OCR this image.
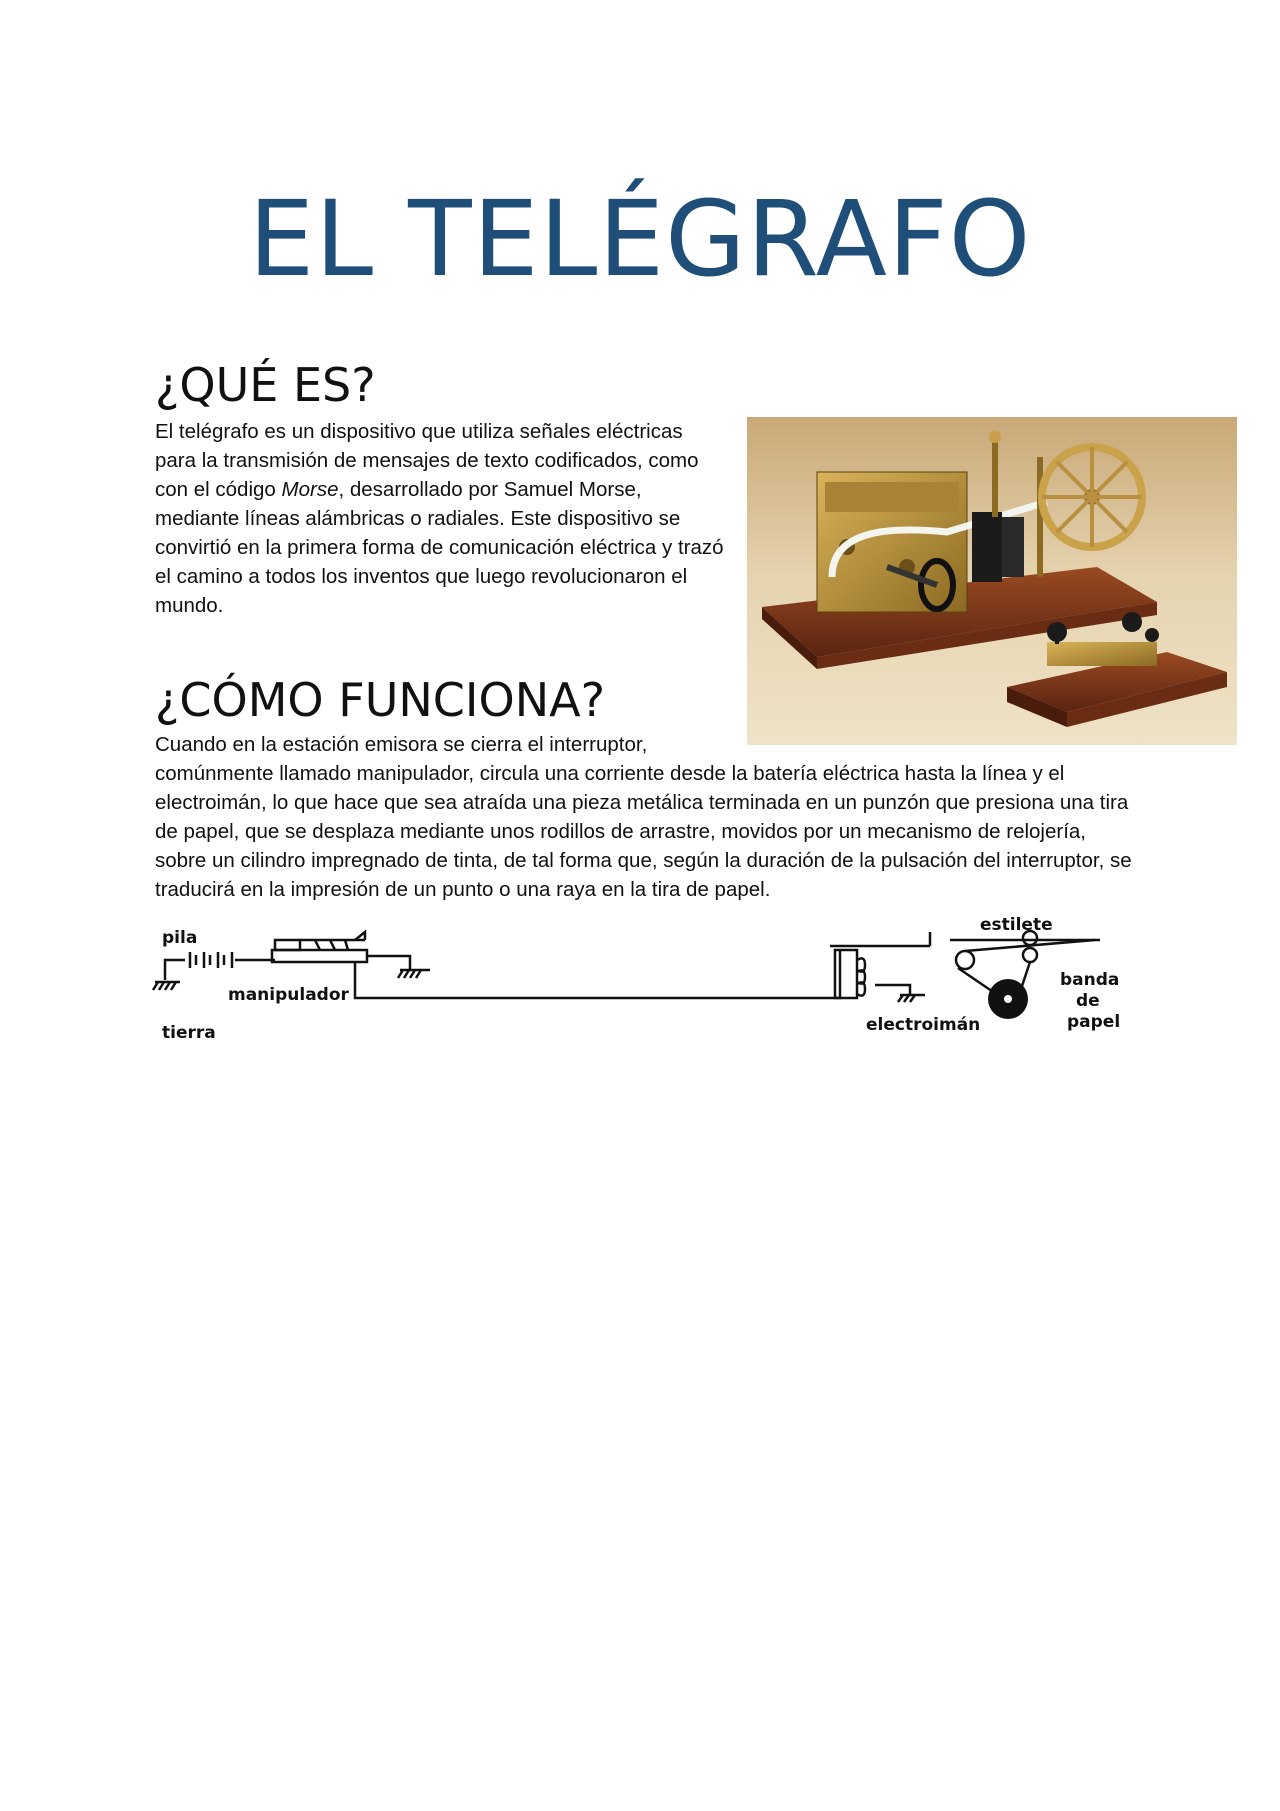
EL TELÉGRAFO
¿QUÉ ES?

El telégrafo es un dispositivo que utiliza señales eléctricas para la transmisión de mensajes de texto codificados, como con el código Morse, desarrollado por Samuel Morse, mediante líneas alámbricas o radiales. Este dispositivo se convirtió en la primera forma de comunicación eléctrica y trazó el camino a todos los inventos que luego revolucionaron el mundo.

¿CÓMO FUNCIONA?

Cuando en la estación emisora se cierra el interruptor,
comúnmente llamado manipulador, circula una corriente desde la batería eléctrica hasta la línea y el electroimán, lo que hace que sea atraída una pieza metálica terminada en un punzón que presiona una tira de papel, que se desplaza mediante unos rodillos de arrastre, movidos por un mecanismo de relojería, sobre un cilindro impregnado de tinta, de tal forma que, según la duración de la pulsación del interruptor, se traducirá en la impresión de un punto o una raya en la tira de papel.

pila
manipulador
tierra
estilete
electroimán
banda
de
papel
